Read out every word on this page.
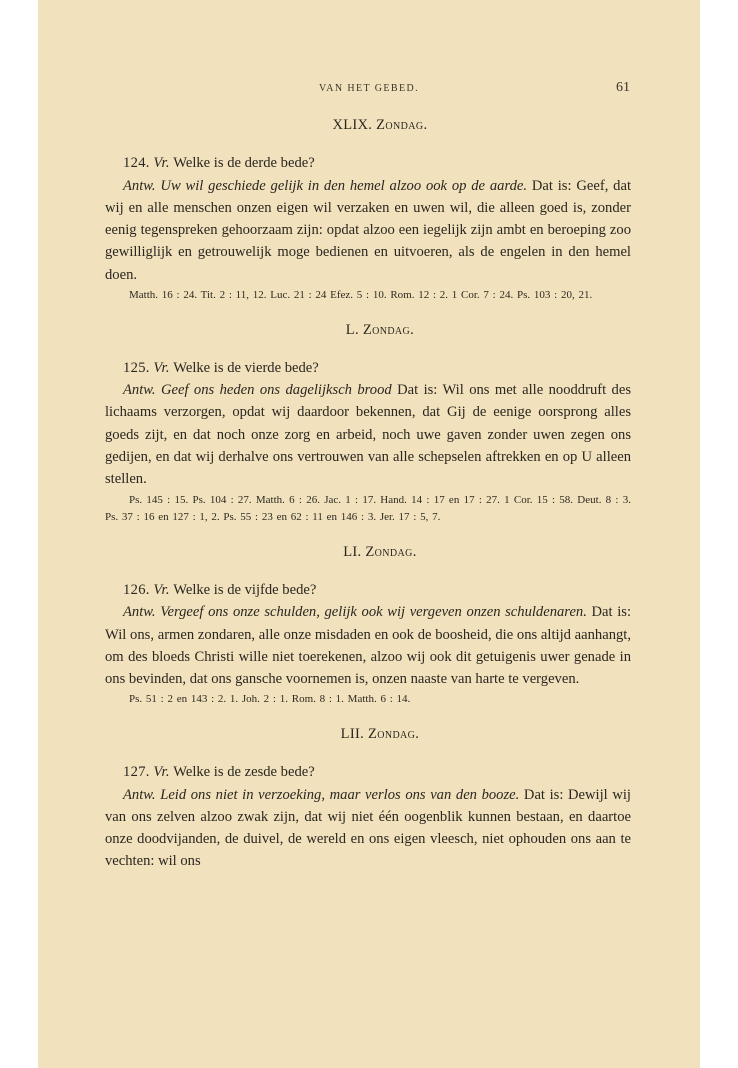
VAN HET GEBED.	61

XLIX. Zondag.

124. Vr. Welke is de derde bede?

Antw. Uw wil geschiede gelijk in den hemel alzoo ook op de aarde. Dat is: Geef, dat wij en alle menschen onzen eigen wil verzaken en uwen wil, die alleen goed is, zonder eenig tegenspreken gehoorzaam zijn: opdat alzoo een iegelijk zijn ambt en beroeping zoo gewilliglijk en getrouwelijk moge bedienen en uitvoeren, als de engelen in den hemel doen.

Matth. 16 : 24. Tit. 2 : 11, 12. Luc. 21 : 24 Efez. 5 : 10. Rom. 12 : 2. 1 Cor. 7 : 24. Ps. 103 : 20, 21.

L. Zondag.

125. Vr. Welke is de vierde bede?

Antw. Geef ons heden ons dagelijksch brood Dat is: Wil ons met alle nooddruft des lichaams verzorgen, opdat wij daardoor bekennen, dat Gij de eenige oorsprong alles goeds zijt, en dat noch onze zorg en arbeid, noch uwe gaven zonder uwen zegen ons gedijen, en dat wij derhalve ons vertrouwen van alle schepselen aftrekken en op U alleen stellen.

Ps. 145 : 15. Ps. 104 : 27. Matth. 6 : 26. Jac. 1 : 17. Hand. 14 : 17 en 17 : 27. 1 Cor. 15 : 58. Deut. 8 : 3. Ps. 37 : 16 en 127 : 1, 2. Ps. 55 : 23 en 62 : 11 en 146 : 3. Jer. 17 : 5, 7.

LI. Zondag.

126. Vr. Welke is de vijfde bede?

Antw. Vergeef ons onze schulden, gelijk ook wij vergeven onzen schuldenaren. Dat is: Wil ons, armen zondaren, alle onze misdaden en ook de boosheid, die ons altijd aanhangt, om des bloeds Christi wille niet toerekenen, alzoo wij ook dit getuigenis uwer genade in ons bevinden, dat ons gansche voornemen is, onzen naaste van harte te vergeven.

Ps. 51 : 2 en 143 : 2. 1. Joh. 2 : 1. Rom. 8 : 1. Matth. 6 : 14.

LII. Zondag.

127. Vr. Welke is de zesde bede?

Antw. Leid ons niet in verzoeking, maar verlos ons van den booze. Dat is: Dewijl wij van ons zelven alzoo zwak zijn, dat wij niet één oogenblik kunnen bestaan, en daartoe onze doodvijanden, de duivel, de wereld en ons eigen vleesch, niet ophouden ons aan te vechten: wil ons
